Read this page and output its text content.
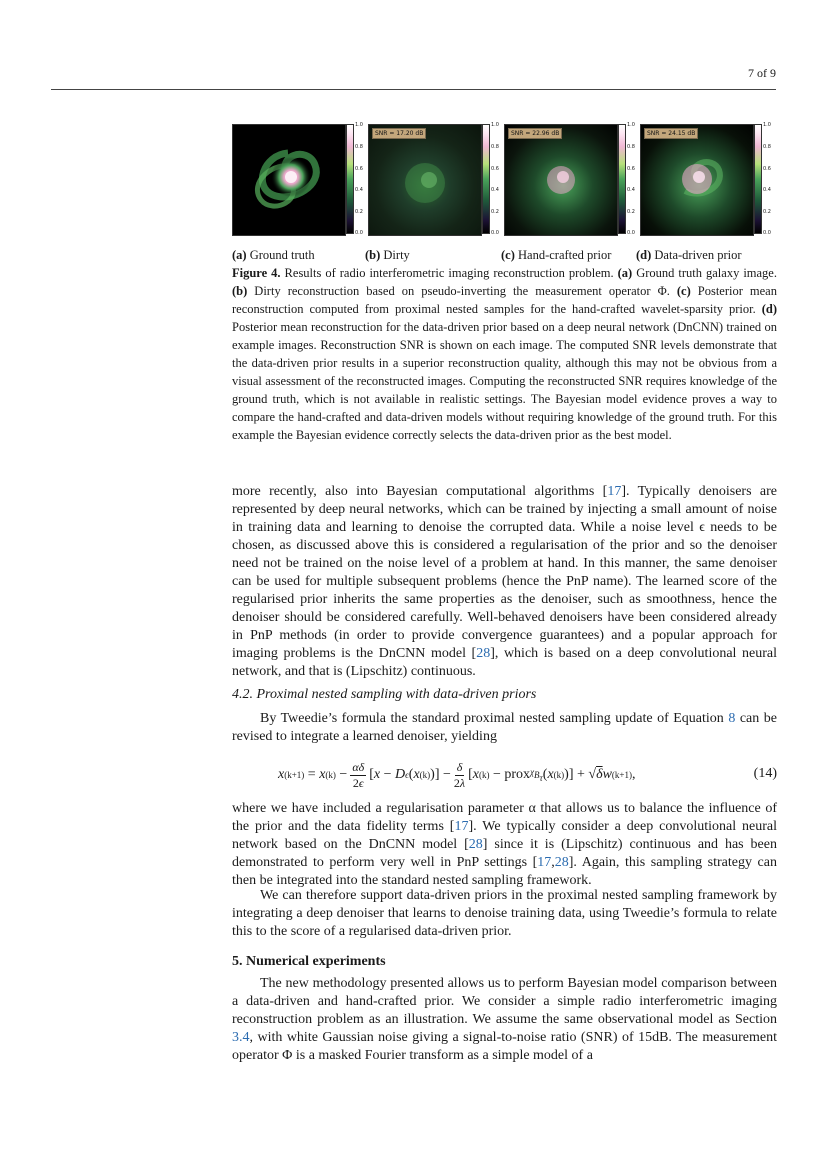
7 of 9
1.0
0.8
0.6
0.4
0.2
0.0
SNR = 17.20 dB
1.0
0.8
0.6
0.4
0.2
0.0
SNR = 22.96 dB
1.0
0.8
0.6
0.4
0.2
0.0
SNR = 24.15 dB
1.0
0.8
0.6
0.4
0.2
0.0
(a) Ground truth	(b) Dirty	(c) Hand-crafted prior (d) Data-driven prior
Figure 4. Results of radio interferometric imaging reconstruction problem. (a) Ground truth galaxy image. (b) Dirty reconstruction based on pseudo-inverting the measurement operator Φ. (c) Posterior mean reconstruction computed from proximal nested samples for the hand-crafted wavelet-sparsity prior. (d) Posterior mean reconstruction for the data-driven prior based on a deep neural network (DnCNN) trained on example images. Reconstruction SNR is shown on each image. The computed SNR levels demonstrate that the data-driven prior results in a superior reconstruction quality, although this may not be obvious from a visual assessment of the reconstructed images. Computing the reconstructed SNR requires knowledge of the ground truth, which is not available in realistic settings. The Bayesian model evidence proves a way to compare the hand-crafted and data-driven models without requiring knowledge of the ground truth. For this example the Bayesian evidence correctly selects the data-driven prior as the best model.
more recently, also into Bayesian computational algorithms [17]. Typically denoisers are represented by deep neural networks, which can be trained by injecting a small amount of noise in training data and learning to denoise the corrupted data. While a noise level ϵ needs to be chosen, as discussed above this is considered a regularisation of the prior and so the denoiser need not be trained on the noise level of a problem at hand. In this manner, the same denoiser can be used for multiple subsequent problems (hence the PnP name). The learned score of the regularised prior inherits the same properties as the denoiser, such as smoothness, hence the denoiser should be considered carefully. Well-behaved denoisers have been considered already in PnP methods (in order to provide convergence guarantees) and a popular approach for imaging problems is the DnCNN model [28], which is based on a deep convolutional neural network, and that is (Lipschitz) continuous.
4.2. Proximal nested sampling with data-driven priors
By Tweedie’s formula the standard proximal nested sampling update of Equation 8 can be revised to integrate a learned denoiser, yielding
x (k+1)
= x (k)
− $\frac{\alpha\delta}{2\epsilon}$ [ x − D ϵ ( x (k) )]
− $\frac{\delta}{2\lambda}$ [ x (k) − prox $\chi_{B_\tau}$ ( x (k) )] + √ δ w (k+1) ,	(14)
where we have included a regularisation parameter α that allows us to balance the influence of the prior and the data fidelity terms [17]. We typically consider a deep convolutional neural network based on the DnCNN model [28] since it is (Lipschitz) continuous and has been demonstrated to perform very well in PnP settings [17,28]. Again, this sampling strategy can then be integrated into the standard nested sampling framework.
We can therefore support data-driven priors in the proximal nested sampling framework by integrating a deep denoiser that learns to denoise training data, using Tweedie’s formula to relate this to the score of a regularised data-driven prior.
5. Numerical experiments
The new methodology presented allows us to perform Bayesian model comparison between a data-driven and hand-crafted prior. We consider a simple radio interferometric imaging reconstruction problem as an illustration. We assume the same observational model as Section 3.4, with white Gaussian noise giving a signal-to-noise ratio (SNR) of 15dB. The measurement operator Φ is a masked Fourier transform as a simple model of a
